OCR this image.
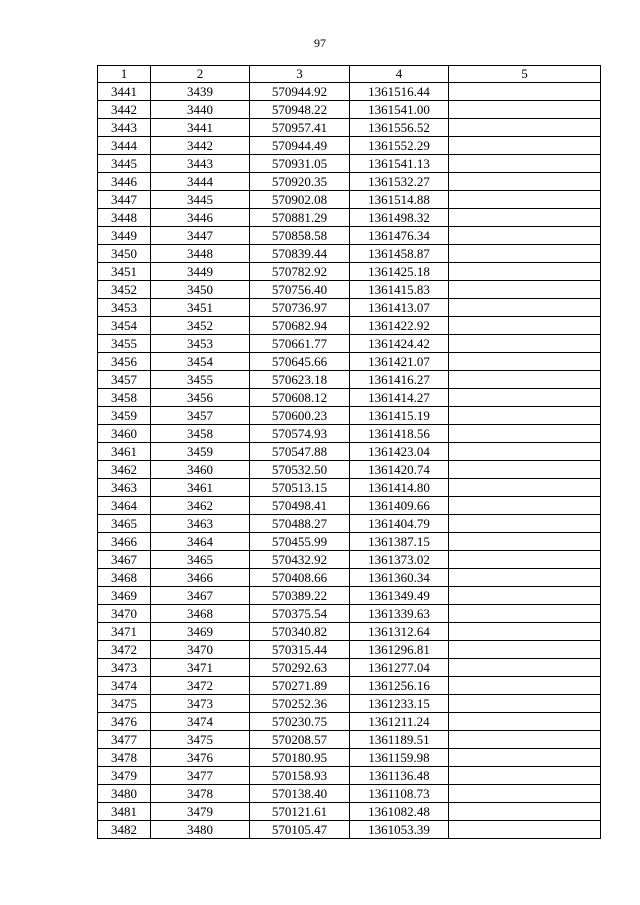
97
1	2	3	4	5
3441	3439	570944.92	1361516.44	
3442	3440	570948.22	1361541.00	
3443	3441	570957.41	1361556.52	
3444	3442	570944.49	1361552.29	
3445	3443	570931.05	1361541.13	
3446	3444	570920.35	1361532.27	
3447	3445	570902.08	1361514.88	
3448	3446	570881.29	1361498.32	
3449	3447	570858.58	1361476.34	
3450	3448	570839.44	1361458.87	
3451	3449	570782.92	1361425.18	
3452	3450	570756.40	1361415.83	
3453	3451	570736.97	1361413.07	
3454	3452	570682.94	1361422.92	
3455	3453	570661.77	1361424.42	
3456	3454	570645.66	1361421.07	
3457	3455	570623.18	1361416.27	
3458	3456	570608.12	1361414.27	
3459	3457	570600.23	1361415.19	
3460	3458	570574.93	1361418.56	
3461	3459	570547.88	1361423.04	
3462	3460	570532.50	1361420.74	
3463	3461	570513.15	1361414.80	
3464	3462	570498.41	1361409.66	
3465	3463	570488.27	1361404.79	
3466	3464	570455.99	1361387.15	
3467	3465	570432.92	1361373.02	
3468	3466	570408.66	1361360.34	
3469	3467	570389.22	1361349.49	
3470	3468	570375.54	1361339.63	
3471	3469	570340.82	1361312.64	
3472	3470	570315.44	1361296.81	
3473	3471	570292.63	1361277.04	
3474	3472	570271.89	1361256.16	
3475	3473	570252.36	1361233.15	
3476	3474	570230.75	1361211.24	
3477	3475	570208.57	1361189.51	
3478	3476	570180.95	1361159.98	
3479	3477	570158.93	1361136.48	
3480	3478	570138.40	1361108.73	
3481	3479	570121.61	1361082.48	
3482	3480	570105.47	1361053.39	
